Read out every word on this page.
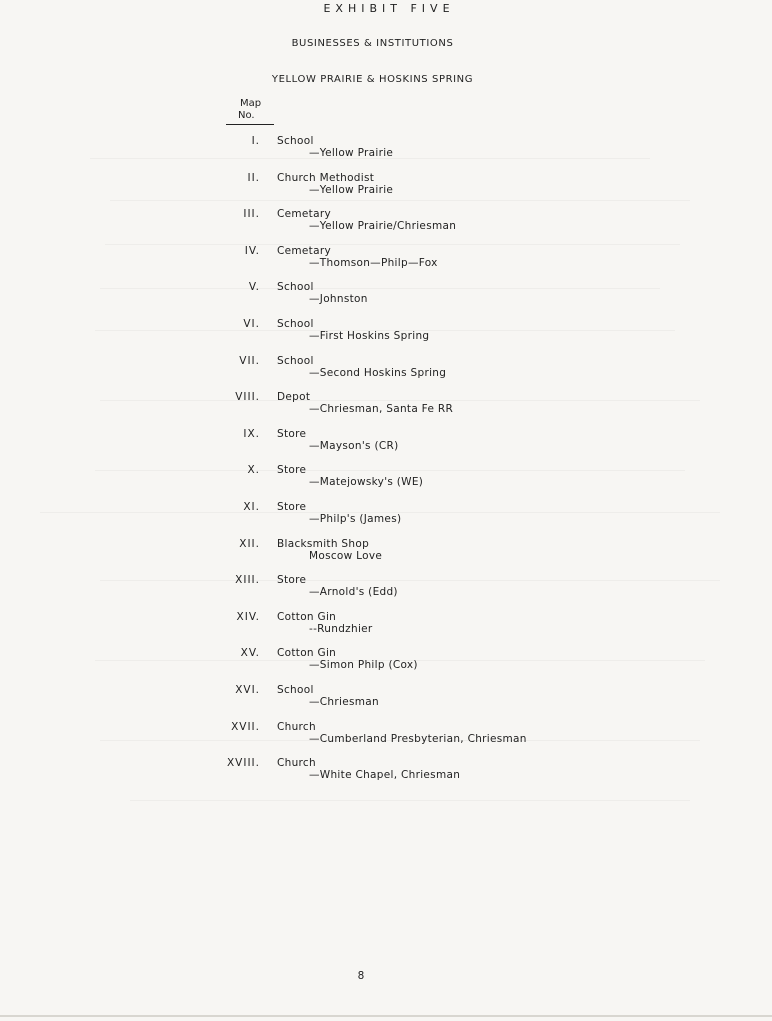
EXHIBIT FIVE
BUSINESSES & INSTITUTIONS
YELLOW PRAIRIE & HOSKINS SPRING
Map
No.
I. School
—Yellow Prairie
II. Church Methodist
—Yellow Prairie
III. Cemetary
—Yellow Prairie/Chriesman
IV. Cemetary
—Thomson—Philp—Fox
V. School
—Johnston
VI. School
—First Hoskins Spring
VII. School
—Second Hoskins Spring
VIII. Depot
—Chriesman, Santa Fe RR
IX. Store
—Mayson's (CR)
X. Store
—Matejowsky's (WE)
XI. Store
—Philp's (James)
XII. Blacksmith Shop
Moscow Love
XIII. Store
—Arnold's (Edd)
XIV. Cotton Gin
--Rundzhier
XV. Cotton Gin
—Simon Philp (Cox)
XVI. School
—Chriesman
XVII. Church
—Cumberland Presbyterian, Chriesman
XVIII. Church
—White Chapel, Chriesman
8
